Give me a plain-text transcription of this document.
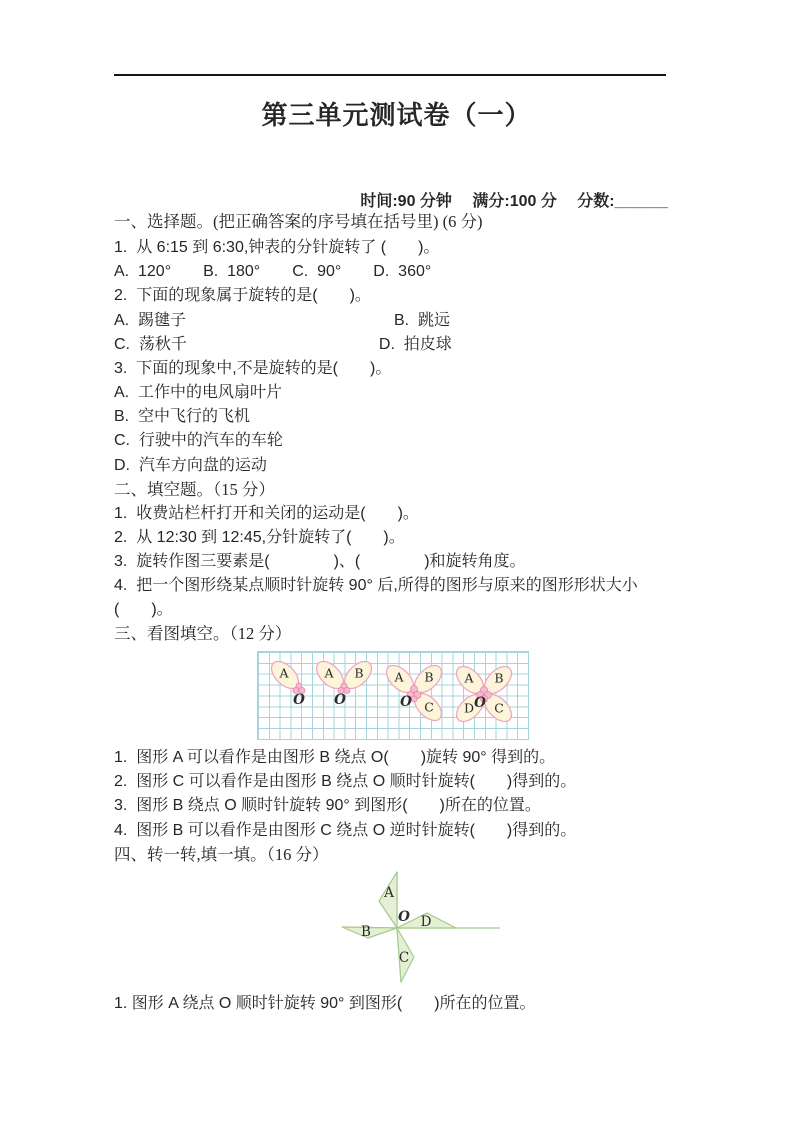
第三单元测试卷（一）
时间:90 分钟　 满分:100 分　 分数:______
一、选择题。(把正确答案的序号填在括号里) (6 分)
1.  从 6:15 到 6:30,钟表的分针旋转了 (　　)。
A.  120°　　B.  180°　　C.  90°　　D.  360°
2.  下面的现象属于旋转的是(　　)。
A.  踢毽子　　　　　　　　　　　　　B.  跳远
C.  荡秋千　　　　　　　　　　　　D.  拍皮球
3.  下面的现象中,不是旋转的是(　　)。
A.  工作中的电风扇叶片
B.  空中飞行的飞机
C.  行驶中的汽车的车轮
D.  汽车方向盘的运动
二、填空题。（15 分）
1.  收费站栏杆打开和关闭的运动是(　　)。
2.  从 12:30 到 12:45,分针旋转了(　　)。
3.  旋转作图三要素是(　　　　)、(　　　　)和旋转角度。
4.  把一个图形绕某点顺时针旋转 90° 后,所得的图形与原来的图形形状大小
(　　)。
三、看图填空。（12 分）
A
O
A B
O
A B
C
O
A B
C
D O
1.  图形 A 可以看作是由图形 B 绕点 O(　　)旋转 90° 得到的。
2.  图形 C 可以看作是由图形 B 绕点 O 顺时针旋转(　　)得到的。
3.  图形 B 绕点 O 顺时针旋转 90° 到图形(　　)所在的位置。
4.  图形 B 可以看作是由图形 C 绕点 O 逆时针旋转(　　)得到的。
四、转一转,填一填。（16 分）
A
B
C
D
O
1. 图形 A 绕点 O 顺时针旋转 90° 到图形(　　)所在的位置。
